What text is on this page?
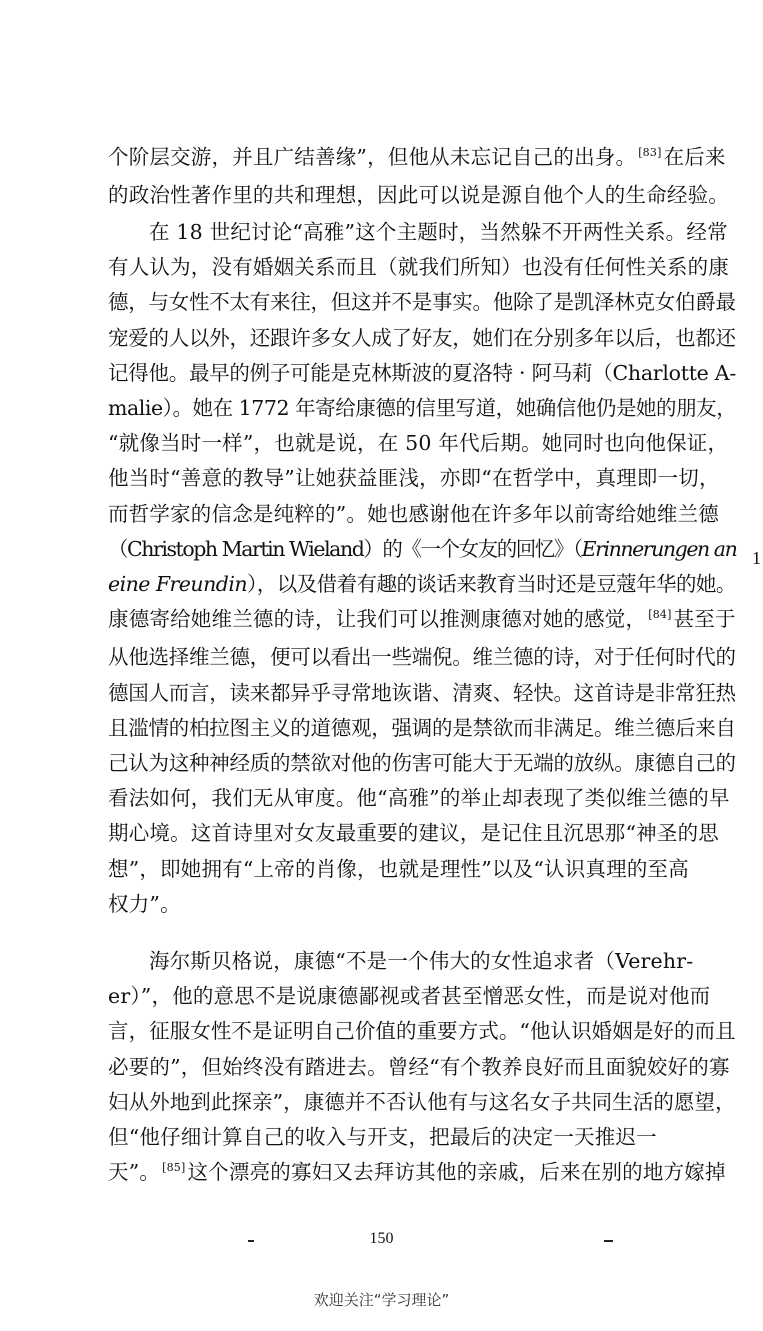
个阶层交游，并且广结善缘”，但他从未忘记自己的出身。 [83]在后来
的政治性著作里的共和理想，因此可以说是源自他个人的生命经验。
在 18 世纪讨论“高雅”这个主题时，当然躲不开两性关系。经常
有人认为，没有婚姻关系而且（就我们所知）也没有任何性关系的康
德，与女性不太有来往，但这并不是事实。他除了是凯泽林克女伯爵最
宠爱的人以外，还跟许多女人成了好友，她们在分别多年以后，也都还
记得他。最早的例子可能是克林斯波的夏洛特 · 阿马莉（Charlotte A-
malie）。她在 1772 年寄给康德的信里写道，她确信他仍是她的朋友，
“就像当时一样”，也就是说，在 50 年代后期。她同时也向他保证，
他当时“善意的教导”让她获益匪浅，亦即“在哲学中，真理即一切，
而哲学家的信念是纯粹的”。她也感谢他在许多年以前寄给她维兰德
（Christoph Martin Wieland）的《一个女友的回忆》（Erinnerungen an
eine Freundin），以及借着有趣的谈话来教育当时还是豆蔻年华的她。
康德寄给她维兰德的诗，让我们可以推测康德对她的感觉， [84]甚至于
从他选择维兰德，便可以看出一些端倪。维兰德的诗，对于任何时代的
德国人而言，读来都异乎寻常地诙谐、清爽、轻快。这首诗是非常狂热
且滥情的柏拉图主义的道德观，强调的是禁欲而非满足。维兰德后来自
己认为这种神经质的禁欲对他的伤害可能大于无端的放纵。康德自己的
看法如何，我们无从审度。他“高雅”的举止却表现了类似维兰德的早
期心境。这首诗里对女友最重要的建议，是记住且沉思那“神圣的思
想”，即她拥有“上帝的肖像，也就是理性”以及“认识真理的至高
权力”。
海尔斯贝格说，康德“不是一个伟大的女性追求者（Verehr-
er）”，他的意思不是说康德鄙视或者甚至憎恶女性，而是说对他而
言，征服女性不是证明自己价值的重要方式。“他认识婚姻是好的而且
必要的”，但始终没有踏进去。曾经“有个教养良好而且面貌姣好的寡
妇从外地到此探亲”，康德并不否认他有与这名女子共同生活的愿望，
但“他仔细计算自己的收入与开支，把最后的决定一天推迟一
天”。 [85]这个漂亮的寡妇又去拜访其他的亲戚，后来在别的地方嫁掉
1
150
欢迎关注“学习理论”
